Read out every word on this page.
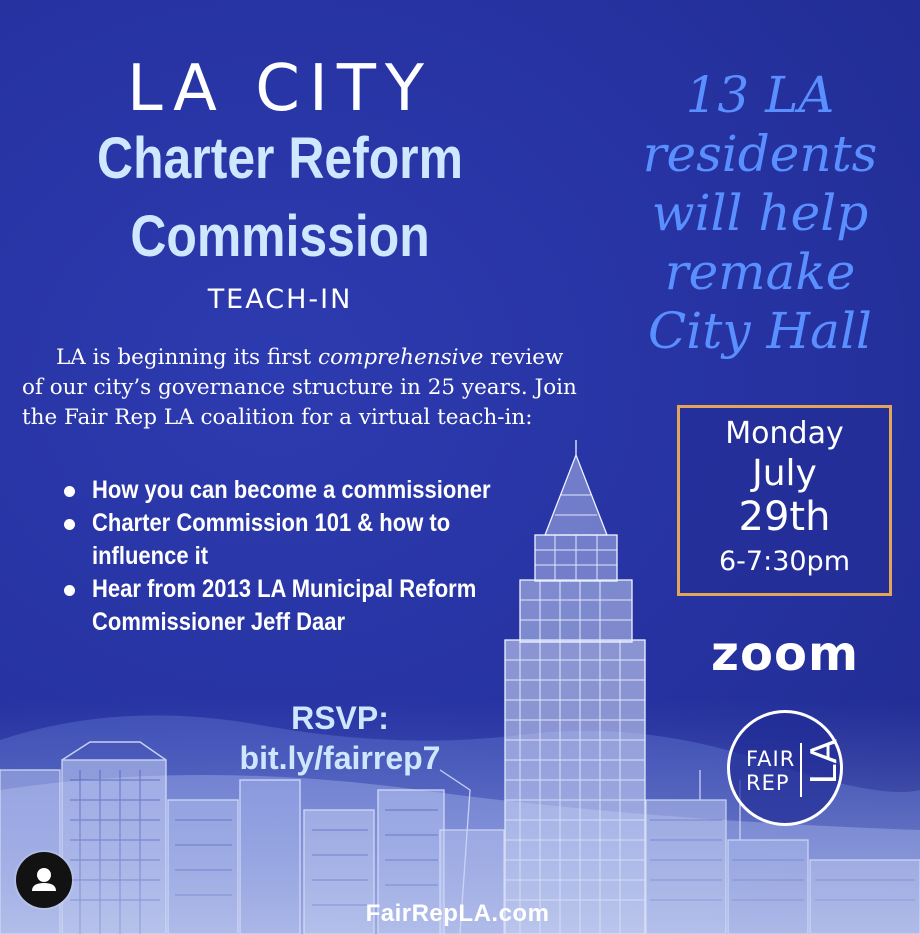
LA CITY
Charter Reform
Commission
TEACH-IN
LA is beginning its first comprehensive review of our city’s governance structure in 25 years. Join the Fair Rep LA coalition for a virtual teach-in:
How you can become a commissioner
Charter Commission 101 & how to influence it
Hear from 2013 LA Municipal Reform Commissioner Jeff Daar
RSVP:
bit.ly/fairrep7
13 LA
residents
will help
remake
City Hall
Monday
July
29th
6-7:30pm
zoom
FAIR
REP LA
FairRepLA.com
